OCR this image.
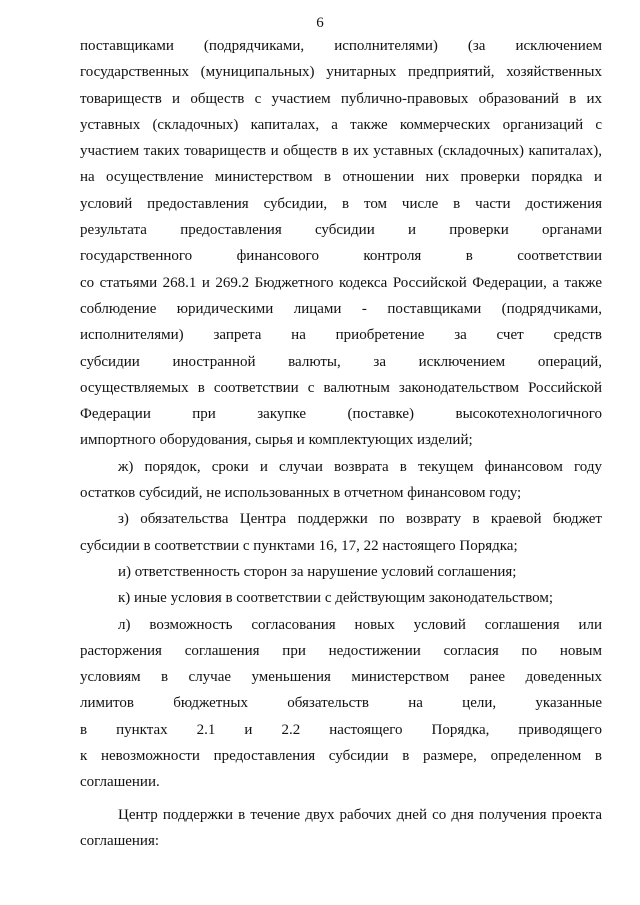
6
поставщиками (подрядчиками, исполнителями) (за исключением
государственных (муниципальных) унитарных предприятий, хозяйственных
товариществ и обществ с участием публично-правовых образований в их
уставных (складочных) капиталах, а также коммерческих организаций с
участием таких товариществ и обществ в их уставных (складочных) капиталах),
на осуществление министерством в отношении них проверки порядка и
условий предоставления субсидии, в том числе в части достижения
результата предоставления субсидии и проверки органами
государственного финансового контроля в соответствии
со статьями 268.1 и 269.2 Бюджетного кодекса Российской Федерации, а также
соблюдение юридическими лицами - поставщиками (подрядчиками,
исполнителями) запрета на приобретение за счет средств
субсидии иностранной валюты, за исключением операций,
осуществляемых в соответствии с валютным законодательством Российской
Федерации при закупке (поставке) высокотехнологичного
импортного оборудования, сырья и комплектующих изделий;
ж) порядок, сроки и случаи возврата в текущем финансовом году
остатков субсидий, не использованных в отчетном финансовом году;
з) обязательства Центра поддержки по возврату в краевой бюджет
субсидии в соответствии с пунктами 16, 17, 22 настоящего Порядка;
и) ответственность сторон за нарушение условий соглашения;
к) иные условия в соответствии с действующим законодательством;
л) возможность согласования новых условий соглашения или
расторжения соглашения при недостижении согласия по новым
условиям в случае уменьшения министерством ранее доведенных
лимитов бюджетных обязательств на цели, указанные
в пунктах 2.1 и 2.2 настоящего Порядка, приводящего
к невозможности предоставления субсидии в размере, определенном в
соглашении.
Центр поддержки в течение двух рабочих дней со дня получения проекта
соглашения:
